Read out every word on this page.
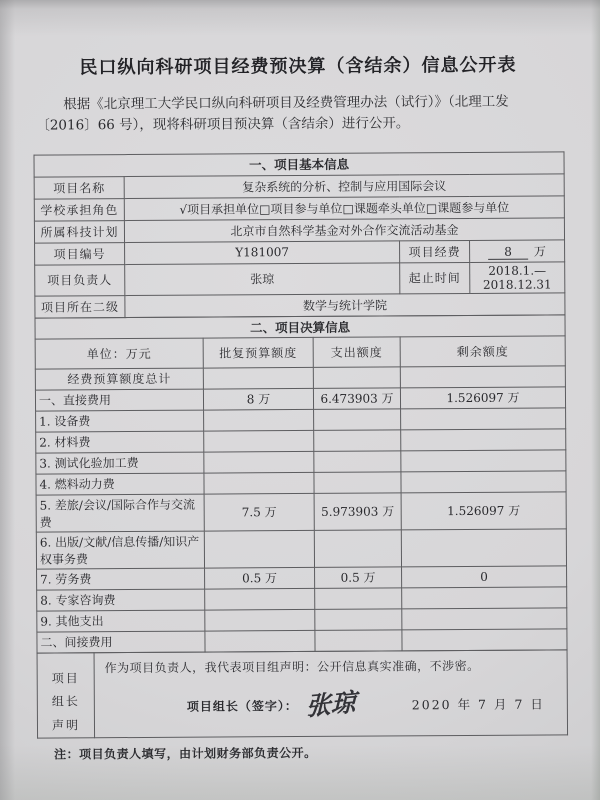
民口纵向科研项目经费预决算（含结余）信息公开表
根据《北京理工大学民口纵向科研项目及经费管理办法（试行）》（北理工发
〔2016〕66 号），现将科研项目预决算（含结余）进行公开。
一、项目基本信息			
项目名称	复杂系统的分析、控制与应用国际会议		
学校承担角色	√项目承担单位□项目参与单位□课题牵头单位□课题参与单位		
所属科技计划	北京市自然科学基金对外合作交流活动基金		
项目编号	Y181007	项目经费	8 万
项目负责人	张琼	起止时间	2018.1.—2018.12.31
项目所在二级	数学与统计学院		
二、项目决算信息			
单位：万元	批复预算额度	支出额度	剩余额度
经费预算额度总计			
一、直接费用	8 万	6.473903 万	1.526097 万
1. 设备费			
2. 材料费			
3. 测试化验加工费			
4. 燃料动力费			
5. 差旅/会议/国际合作与交流费	7.5 万	5.973903 万	1.526097 万
6. 出版/文献/信息传播/知识产权事务费			
7. 劳务费	0.5 万	0.5 万	0
8. 专家咨询费			
9. 其他支出			
二、间接费用			
项目组长声明

作为项目负责人，我代表项目组声明：公开信息真实准确，不涉密。
项目组长（签字）： 张琼	2020 年 7 月 7 日
注：项目负责人填写，由计划财务部负责公开。
